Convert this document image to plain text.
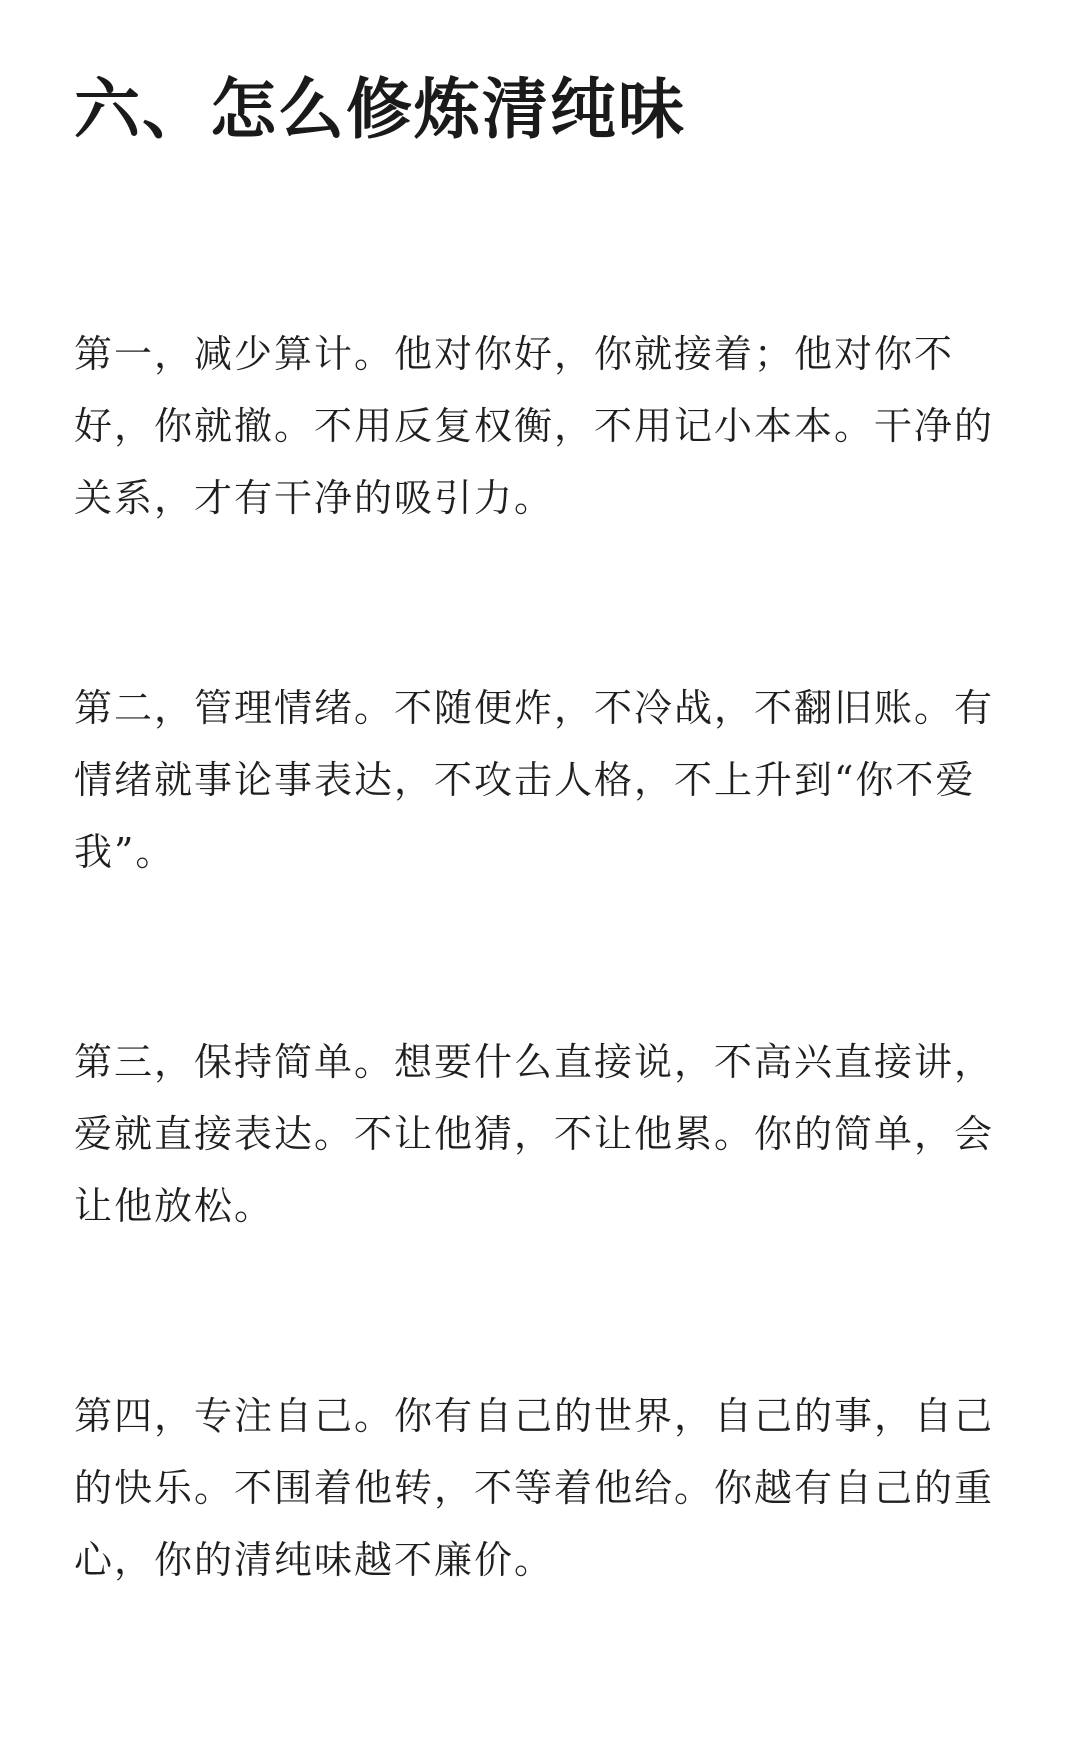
六、怎么修炼清纯味

第一，减少算计。他对你好，你就接着；他对你不好，你就撤。不用反复权衡，不用记小本本。干净的关系，才有干净的吸引力。

第二，管理情绪。不随便炸，不冷战，不翻旧账。有情绪就事论事表达，不攻击人格，不上升到“你不爱我”。

第三，保持简单。想要什么直接说，不高兴直接讲，爱就直接表达。不让他猜，不让他累。你的简单，会让他放松。

第四，专注自己。你有自己的世界，自己的事，自己的快乐。不围着他转，不等着他给。你越有自己的重心，你的清纯味越不廉价。
